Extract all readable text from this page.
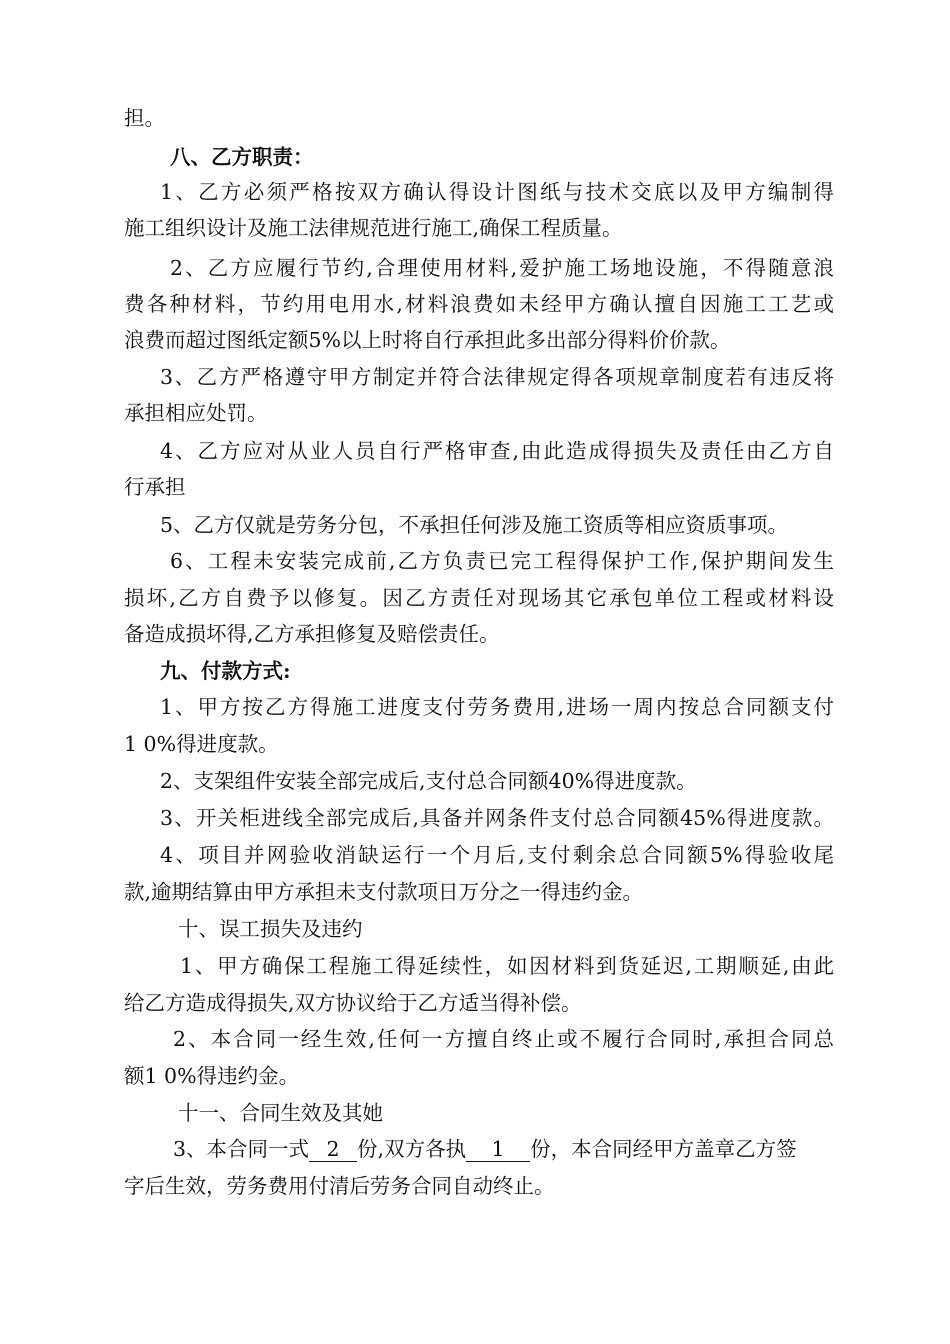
担。
八、乙方职责：
1、乙方必须严格按双方确认得设计图纸与技术交底以及甲方编制得
施工组织设计及施工法律规范进行施工,确保工程质量。
2、乙方应履行节约,合理使用材料,爱护施工场地设施，不得随意浪
费各种材料，节约用电用水,材料浪费如未经甲方确认擅自因施工工艺或
浪费而超过图纸定额5%以上时将自行承担此多出部分得料价价款。
3、乙方严格遵守甲方制定并符合法律规定得各项规章制度若有违反将
承担相应处罚。
4、乙方应对从业人员自行严格审查,由此造成得损失及责任由乙方自
行承担
5、乙方仅就是劳务分包，不承担任何涉及施工资质等相应资质事项。
6、工程未安装完成前,乙方负责已完工程得保护工作,保护期间发生
损坏,乙方自费予以修复。因乙方责任对现场其它承包单位工程或材料设
备造成损坏得,乙方承担修复及赔偿责任。
九、付款方式:
1、甲方按乙方得施工进度支付劳务费用,进场一周内按总合同额支付
1 0%得进度款。
2、支架组件安装全部完成后,支付总合同额40%得进度款。
3、开关柜进线全部完成后,具备并网条件支付总合同额45%得进度款。
4、项目并网验收消缺运行一个月后,支付剩余总合同额5%得验收尾
款,逾期结算由甲方承担未支付款项日万分之一得违约金。
十、误工损失及违约
1、甲方确保工程施工得延续性，如因材料到货延迟,工期顺延,由此
给乙方造成得损失,双方协议给于乙方适当得补偿。
2、本合同一经生效,任何一方擅自终止或不履行合同时,承担合同总
额1 0%得违约金。
十一、合同生效及其她
3、本合同一式 2 份,双方各执 1 份，本合同经甲方盖章乙方签
字后生效，劳务费用付清后劳务合同自动终止。
